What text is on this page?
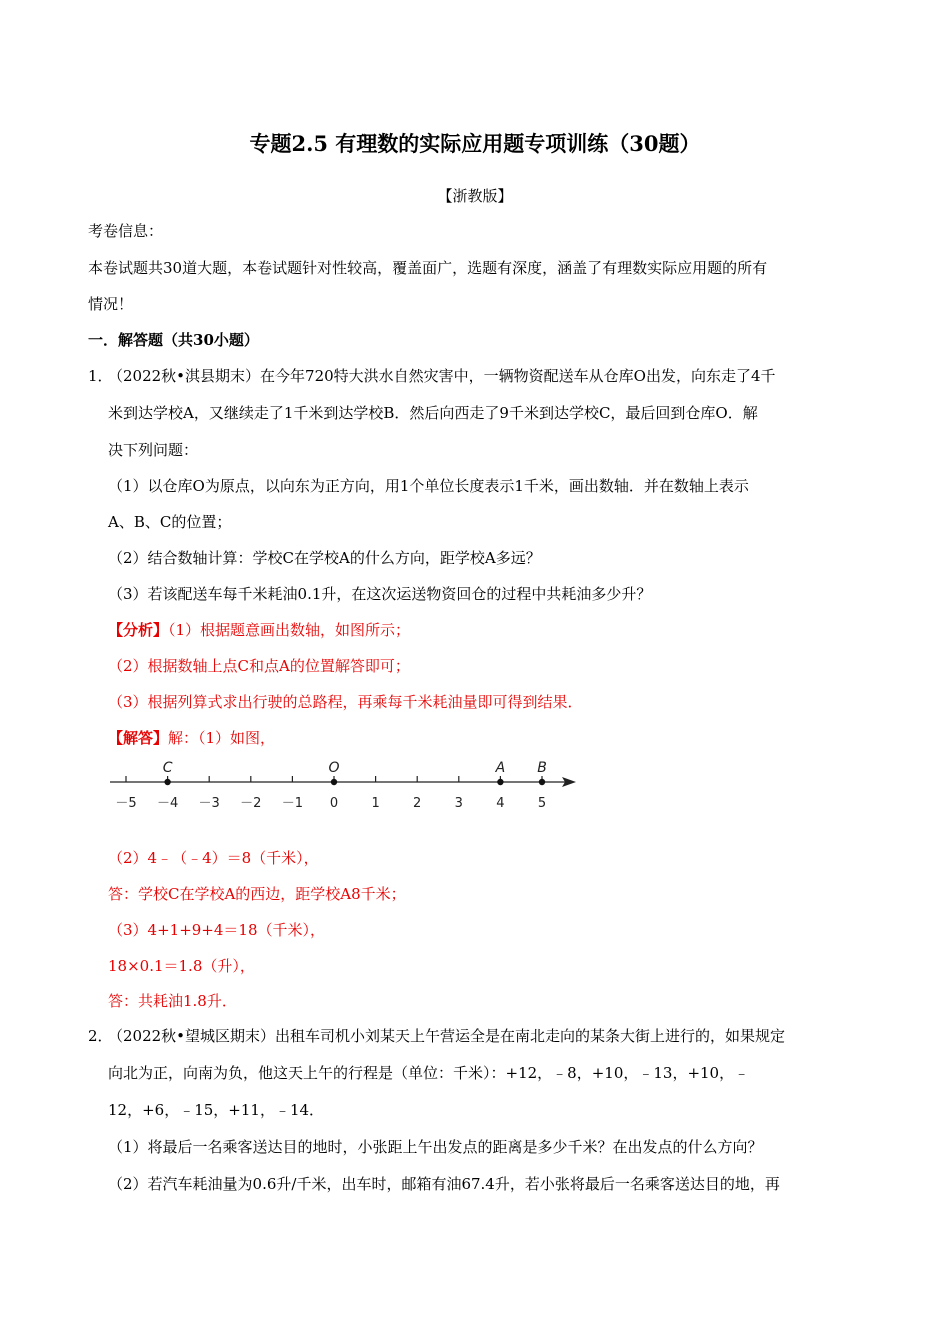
专题2.5 有理数的实际应用题专项训练（30题）
【浙教版】
考卷信息：
本卷试题共30道大题，本卷试题针对性较高，覆盖面广，选题有深度，涵盖了有理数实际应用题的所有
情况！
一．解答题（共30小题）
1．
（2022秋•淇县期末）在今年720特大洪水自然灾害中，一辆物资配送车从仓库O出发，向东走了4千
米到达学校A，又继续走了1千米到达学校B．然后向西走了9千米到达学校C，最后回到仓库O．解
决下列问题：
（1）以仓库O为原点，以向东为正方向，用1个单位长度表示1千米，画出数轴．并在数轴上表示
A、B、C的位置；
（2）结合数轴计算：学校C在学校A的什么方向，距学校A多远？
（3）若该配送车每千米耗油0.1升，在这次运送物资回仓的过程中共耗油多少升？
【分析】（1）根据题意画出数轴，如图所示；
（2）根据数轴上点C和点A的位置解答即可；
（3）根据列算式求出行驶的总路程，再乘每千米耗油量即可得到结果．
【解答】解：（1）如图，
－5 －4 －3 －2 －1 0	1	2	3	4	5
C	O	A B
（2）4﹣（﹣4）＝8（千米），
答：学校C在学校A的西边，距学校A8千米；
（3）4+1+9+4＝18（千米），
18×0.1＝1.8（升），
答：共耗油1.8升．
2．
（2022秋•望城区期末）出租车司机小刘某天上午营运全是在南北走向的某条大街上进行的，如果规定
向北为正，向南为负，他这天上午的行程是（单位：千米）：+12，﹣8，+10，﹣13，+10，﹣
12，+6，﹣15，+11，﹣14．
（1）将最后一名乘客送达目的地时，小张距上午出发点的距离是多少千米？在出发点的什么方向？
（2）若汽车耗油量为0.6升/千米，出车时，邮箱有油67.4升，若小张将最后一名乘客送达目的地，再
